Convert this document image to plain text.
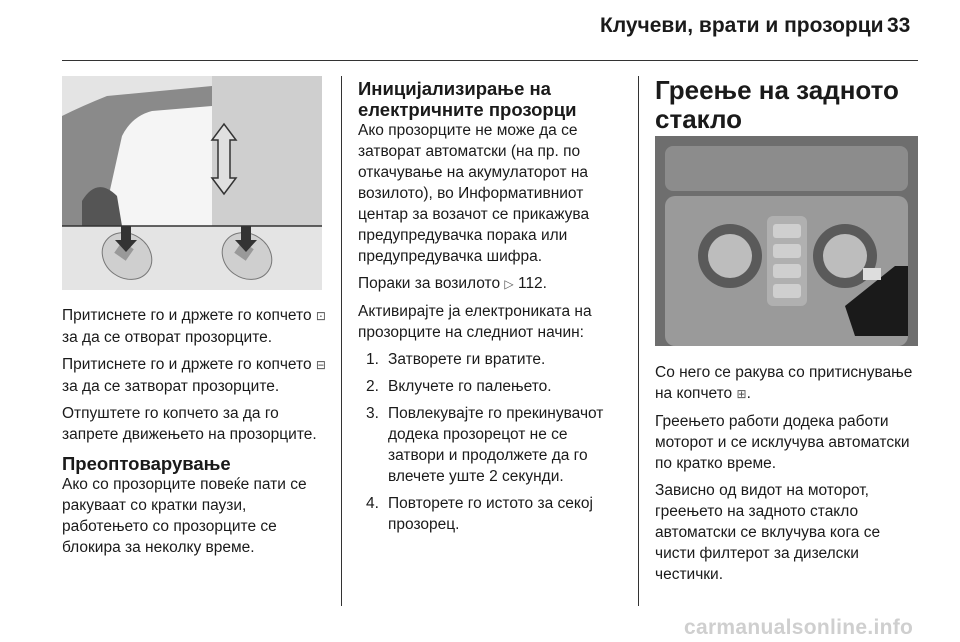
Клучеви, врати и прозорци 33

Притиснете го и држете го копчето ⊡ за да се отворат прозорците.

Притиснете го и држете го копчето ⊟ за да се затворат прозорците.

Отпуштете го копчето за да го запрете движењето на прозорците.

Преоптоварување

Ако со прозорците повеќе пати се ракуваат со кратки паузи, работењето со прозорците се блокира за неколку време.

Иницијализирање на електричните прозорци

Ако прозорците не може да се затворат автоматски (на пр. по откачување на акумулаторот на возилото), во Информативниот центар за возачот се прикажува предупредувачка порака или предупредувачка шифра.

Пораки за возилото ▷ 112.

Активирајте ја електрониката на прозорците на следниот начин:

1. Затворете ги вратите.
2. Вклучете го палењето.
3. Повлекувајте го прекинувачот додека прозорецот не се затвори и продолжете да го влечете уште 2 секунди.
4. Повторете го истото за секој прозорец.
Греење на задното стакло

Со него се ракува со притиснување на копчето ⊞.

Греењето работи додека работи моторот и се исклучува автоматски по кратко време.

Зависно од видот на моторот, греењето на задното стакло автоматски се вклучува кога се чисти филтерот за дизелски честички.

carmanualsonline.info
